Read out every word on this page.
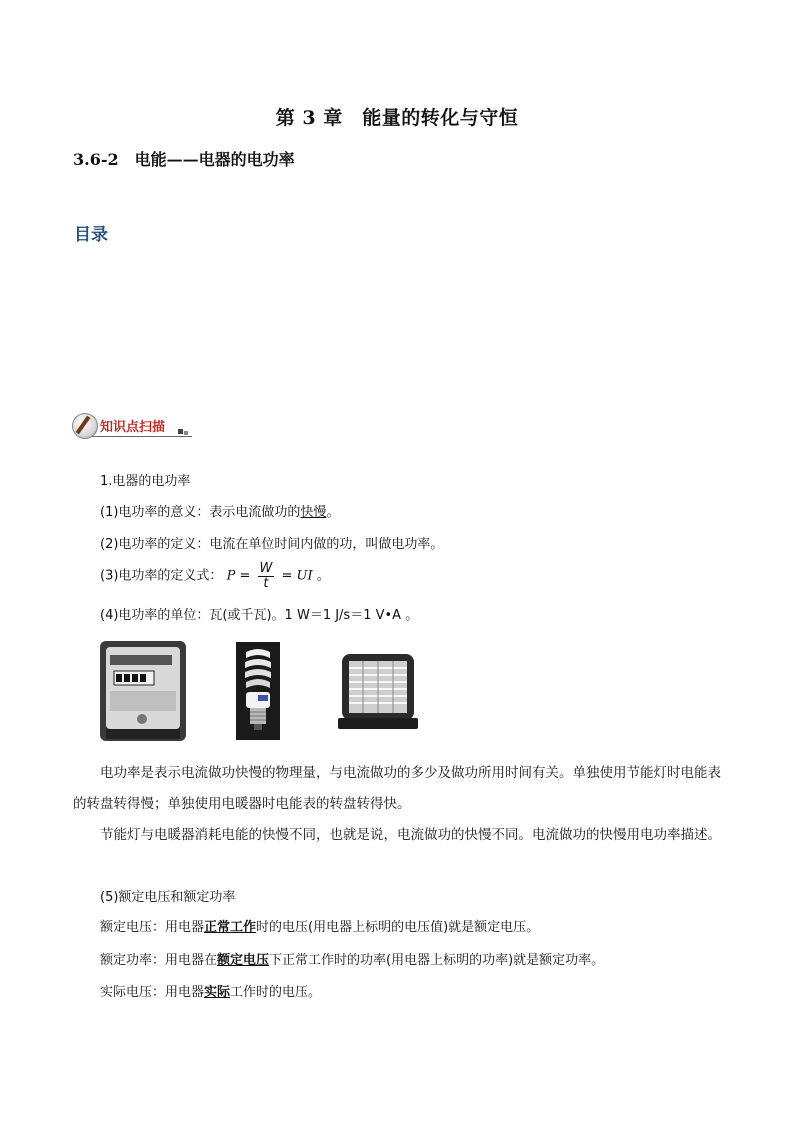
第 3 章　能量的转化与守恒
3.6-2　电能——电器的电功率
目录
知识点扫描
1.电器的电功率
(1)电功率的意义：表示电流做功的快慢。
(2)电功率的定义：电流在单位时间内做的功，叫做电功率。
(3)电功率的定义式： $P = \frac{W}{t}$ = UI 。
(4)电功率的单位：瓦(或千瓦)。1 W＝1 J/s＝1 V•A 。
电功率是表示电流做功快慢的物理量，与电流做功的多少及做功所用时间有关。单独使用节能灯时电能表的转盘转得慢；单独使用电暖器时电能表的转盘转得快。
节能灯与电暖器消耗电能的快慢不同，也就是说，电流做功的快慢不同。电流做功的快慢用电功率描述。
(5)额定电压和额定功率
额定电压：用电器正常工作时的电压(用电器上标明的电压值)就是额定电压。
额定功率：用电器在额定电压下正常工作时的功率(用电器上标明的功率)就是额定功率。
实际电压：用电器实际工作时的电压。
